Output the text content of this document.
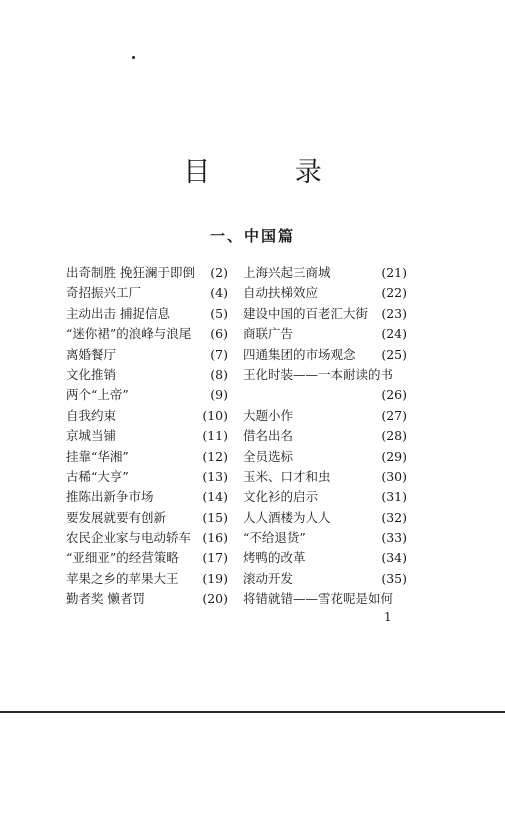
目 录
一、中国篇
出奇制胜 挽狂澜于即倒 (2)
奇招振兴工厂	(4)
主动出击 捕捉信息	(5)
“迷你裙”的浪峰与浪尾 (6)
离婚餐厅	(7)
文化推销	(8)
两个“上帝”	(9)
自我约束	(10)
京城当铺	(11)
挂靠“华湘”	(12)
古稀“大亨”	(13)
推陈出新争市场	(14)
要发展就要有创新	(15)
农民企业家与电动轿车 (16)
“亚细亚”的经营策略 (17)
苹果之乡的苹果大王 (19)
勤者奖 懒者罚	(20)
上海兴起三商城	(21)
自动扶梯效应	(22)
建设中国的百老汇大街 (23)
商联广告	(24)
四通集团的市场观念 (25)
王化时装——一本耐读的书
(26)
大题小作	(27)
借名出名	(28)
全员选标	(29)
玉米、口才和虫	(30)
文化衫的启示	(31)
人人酒楼为人人	(32)
“不给退货”	(33)
烤鸭的改革	(34)
滚动开发	(35)
将错就错——雪花呢是如何
1
